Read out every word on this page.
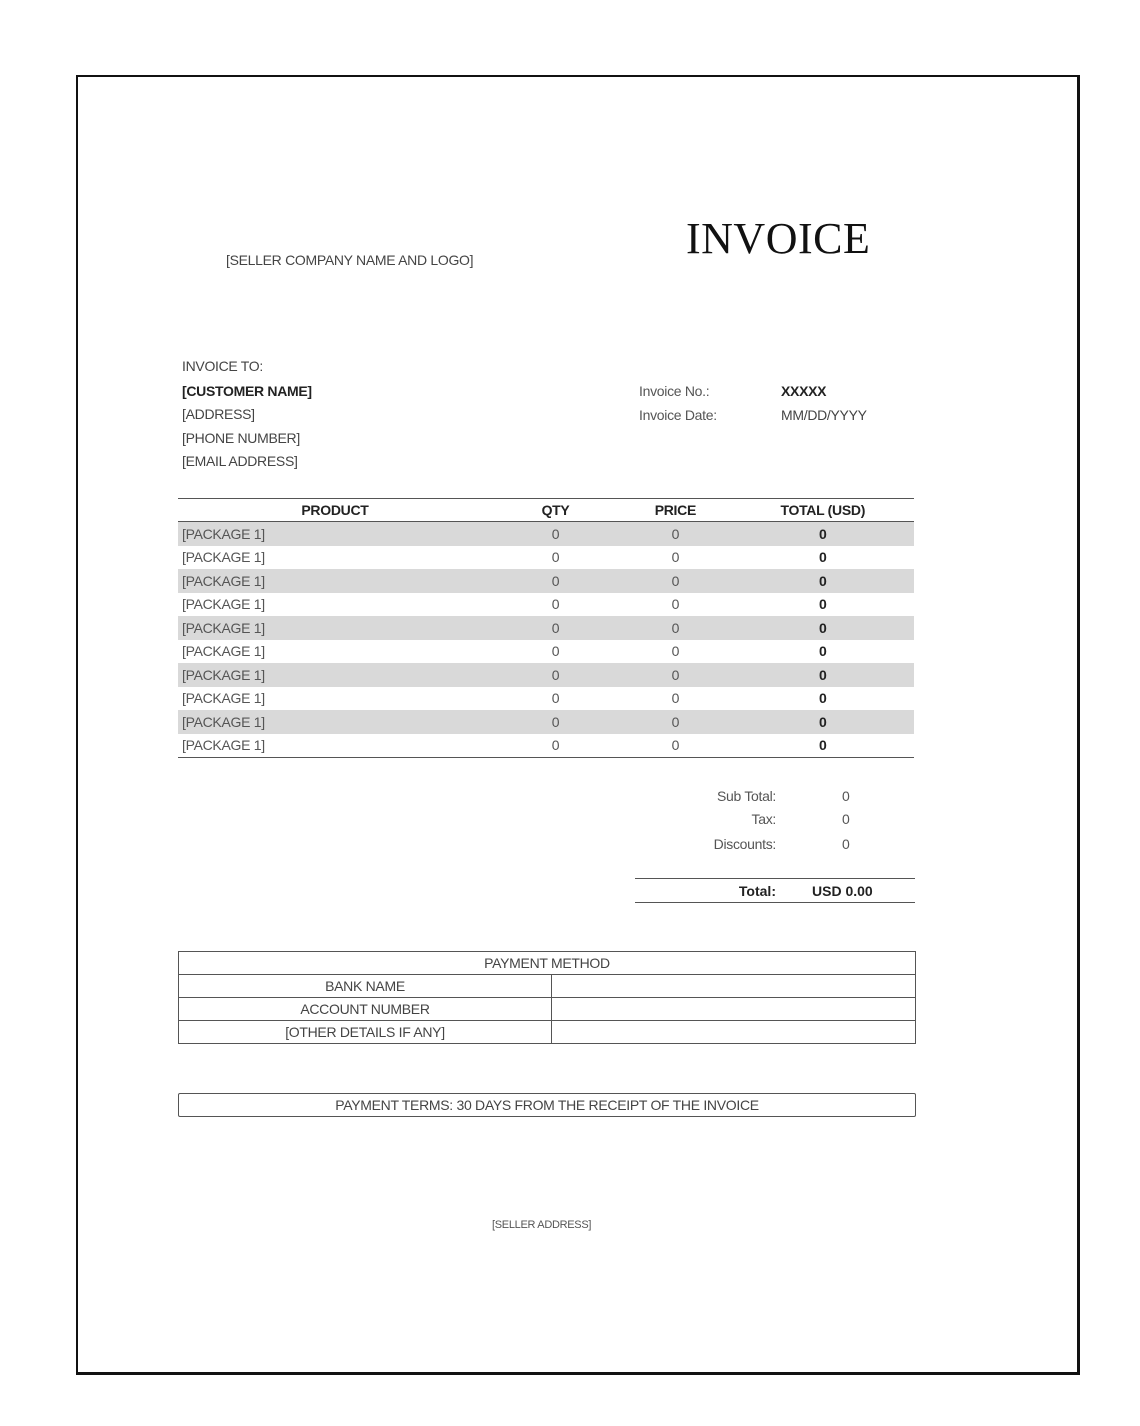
[SELLER COMPANY NAME AND LOGO]	INVOICE
INVOICE TO:
[CUSTOMER NAME]
[ADDRESS]
[PHONE NUMBER]
[EMAIL ADDRESS]
Invoice No.:	XXXXX
Invoice Date:	MM/DD/YYYY
PRODUCT	QTY	PRICE	TOTAL (USD)
[PACKAGE 1]	0	0	0
[PACKAGE 1]	0	0	0
[PACKAGE 1]	0	0	0
[PACKAGE 1]	0	0	0
[PACKAGE 1]	0	0	0
[PACKAGE 1]	0	0	0
[PACKAGE 1]	0	0	0
[PACKAGE 1]	0	0	0
[PACKAGE 1]	0	0	0
[PACKAGE 1]	0	0	0
Sub Total:	0
Tax:	0
Discounts:	0
Total:	USD 0.00
PAYMENT METHOD	
BANK NAME	
ACCOUNT NUMBER	
[OTHER DETAILS IF ANY]	
PAYMENT TERMS: 30 DAYS FROM THE RECEIPT OF THE INVOICE
[SELLER ADDRESS]
